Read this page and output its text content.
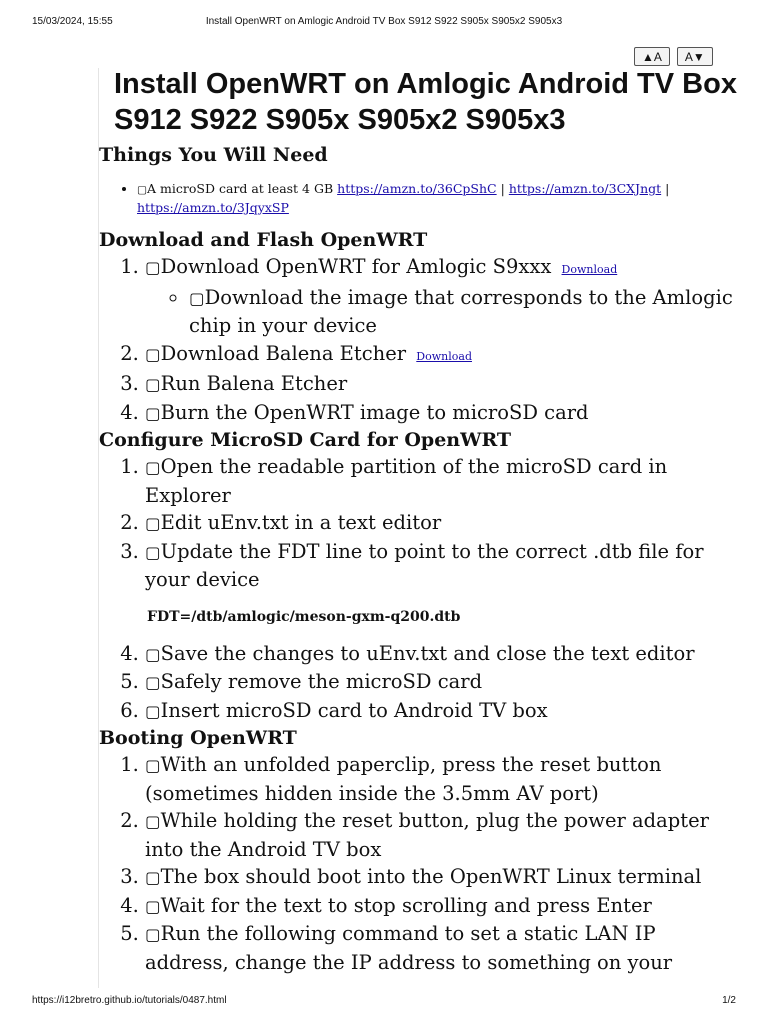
15/03/2024, 15:55	Install OpenWRT on Amlogic Android TV Box S912 S922 S905x S905x2 S905x3
▲A	A▼
Install OpenWRT on Amlogic Android TV Box S912 S922 S905x S905x2 S905x3
Things You Will Need
• ▢A microSD card at least 4 GB https://amzn.to/36CpShC | https://amzn.to/3CXJngt | https://amzn.to/3JqyxSP
Download and Flash OpenWRT
1. ▢Download OpenWRT for Amlogic S9xxx Download
◦ ▢Download the image that corresponds to the Amlogic chip in your device
2. ▢Download Balena Etcher Download
3. ▢Run Balena Etcher
4. ▢Burn the OpenWRT image to microSD card
Configure MicroSD Card for OpenWRT
1. ▢Open the readable partition of the microSD card in Explorer
2. ▢Edit uEnv.txt in a text editor
3. ▢Update the FDT line to point to the correct .dtb file for your device
FDT=/dtb/amlogic/meson-gxm-q200.dtb
4. ▢Save the changes to uEnv.txt and close the text editor
5. ▢Safely remove the microSD card
6. ▢Insert microSD card to Android TV box
Booting OpenWRT
1. ▢With an unfolded paperclip, press the reset button (sometimes hidden inside the 3.5mm AV port)
2. ▢While holding the reset button, plug the power adapter into the Android TV box
3. ▢The box should boot into the OpenWRT Linux terminal
4. ▢Wait for the text to stop scrolling and press Enter
5. ▢Run the following command to set a static LAN IP address, change the IP address to something on your
https://i12bretro.github.io/tutorials/0487.html	1/2
